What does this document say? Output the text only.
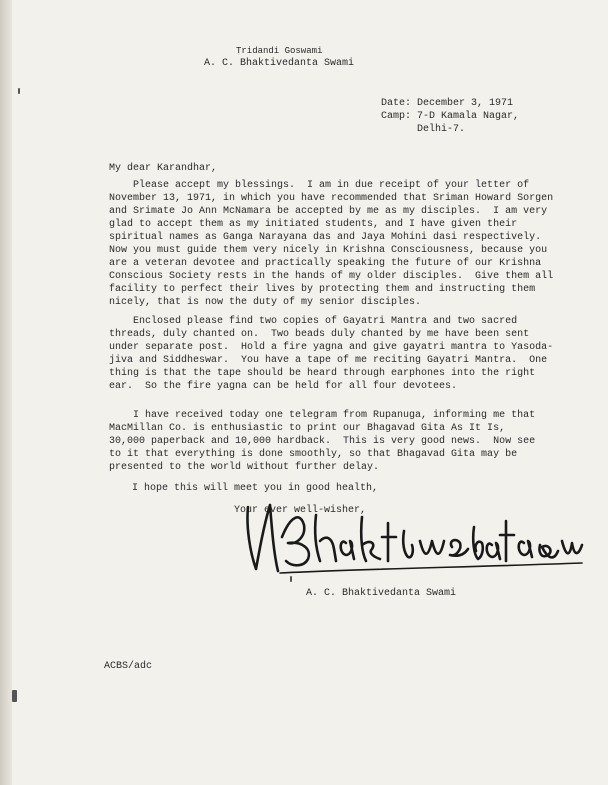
Tridandi Goswami
A. C. Bhaktivedanta Swami

Date: December 3, 1971

Camp: 7-D Kamala Nagar,

Delhi-7.

My dear Karandhar,
Please accept my blessings.  I am in due receipt of your letter of
November 13, 1971, in which you have recommended that Sriman Howard Sorgen
and Srimate Jo Ann McNamara be accepted by me as my disciples.  I am very
glad to accept them as my initiated students, and I have given their
spiritual names as Ganga Narayana das and Jaya Mohini dasi respectively.
Now you must guide them very nicely in Krishna Consciousness, because you
are a veteran devotee and practically speaking the future of our Krishna
Conscious Society rests in the hands of my older disciples.  Give them all
facility to perfect their lives by protecting them and instructing them
nicely, that is now the duty of my senior disciples.
Enclosed please find two copies of Gayatri Mantra and two sacred
threads, duly chanted on.  Two beads duly chanted by me have been sent
under separate post.  Hold a fire yagna and give gayatri mantra to Yasoda-
jiva and Siddheswar.  You have a tape of me reciting Gayatri Mantra.  One
thing is that the tape should be heard through earphones into the right
ear.  So the fire yagna can be held for all four devotees.
I have received today one telegram from Rupanuga, informing me that
MacMillan Co. is enthusiastic to print our Bhagavad Gita As It Is,
30,000 paperback and 10,000 hardback.  This is very good news.  Now see
to it that everything is done smoothly, so that Bhagavad Gita may be
presented to the world without further delay.

I hope this will meet you in good health,

Your ever well-wisher,

A. C. Bhaktivedanta Swami
ACBS/adc
